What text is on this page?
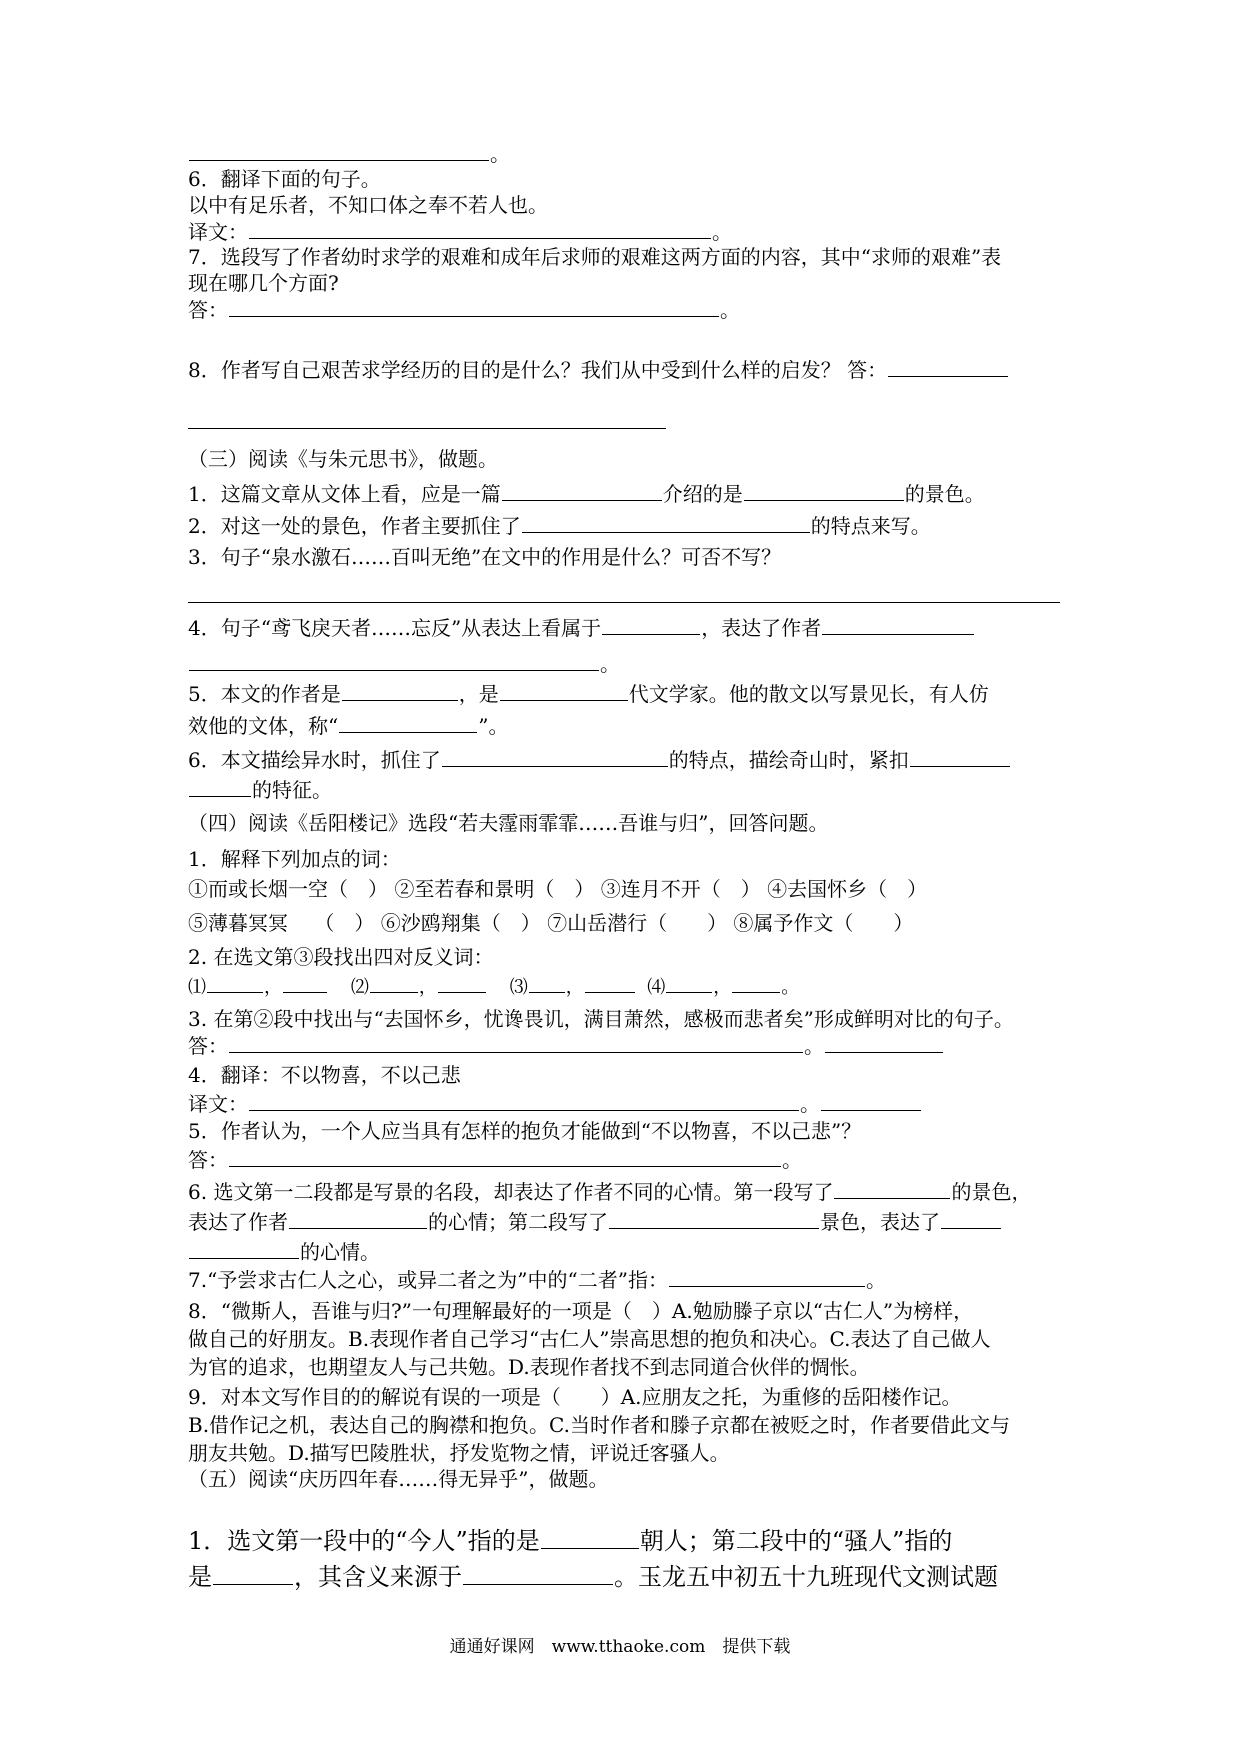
。
6．翻译下面的句子。
以中有足乐者，不知口体之奉不若人也。
译文：	。
7．选段写了作者幼时求学的艰难和成年后求师的艰难这两方面的内容，其中“求师的艰难”表
现在哪几个方面?
答：	。
8．作者写自己艰苦求学经历的目的是什么？我们从中受到什么样的启发？ 答：
（三）阅读《与朱元思书》，做题。
1．这篇文章从文体上看，应是一篇	介绍的是	的景色。
2．对这一处的景色，作者主要抓住了	的特点来写。
3．句子“泉水激石……百叫无绝”在文中的作用是什么？可否不写？
4．句子“鸢飞戾天者……忘反”从表达上看属于	，表达了作者
。
5．本文的作者是	，是	代文学家。他的散文以写景见长，有人仿
效他的文体，称“	”。
6．本文描绘异水时，抓住了	的特点，描绘奇山时，紧扣
的特征。
（四）阅读《岳阳楼记》选段“若夫霪雨霏霏……吾谁与归”，回答问题。
1．解释下列加点的词：
①而或长烟一空（　） ②至若春和景明（　） ③连月不开（　） ④去国怀乡（　）
⑤薄暮冥冥　 （　） ⑥沙鸥翔集（　） ⑦山岳潜行（　　） ⑧属予作文（　　）
2. 在选文第③段找出四对反义词：
⑴	，	⑵	，	⑶ ，	⑷	，	。
3. 在第②段中找出与“去国怀乡，忧谗畏讥，满目萧然，感极而悲者矣”形成鲜明对比的句子。
答：	。
4．翻译：不以物喜，不以己悲
译文：	。
5．作者认为，一个人应当具有怎样的抱负才能做到“不以物喜，不以己悲”？
答：	。
6. 选文第一二段都是写景的名段，却表达了作者不同的心情。第一段写了	的景色，
表达了作者	的心情；第二段写了	景色，表达了
的心情。
7.“予尝求古仁人之心，或异二者之为”中的“二者”指：	。
8．“微斯人，吾谁与归?”一句理解最好的一项是（　）A.勉励滕子京以“古仁人”为榜样，
做自己的好朋友。B.表现作者自己学习“古仁人”崇高思想的抱负和决心。C.表达了自己做人
为官的追求，也期望友人与己共勉。D.表现作者找不到志同道合伙伴的惆怅。
9．对本文写作目的的解说有误的一项是（　　）A.应朋友之托，为重修的岳阳楼作记。
B.借作记之机，表达自己的胸襟和抱负。C.当时作者和滕子京都在被贬之时，作者要借此文与
朋友共勉。D.描写巴陵胜状，抒发览物之情，评说迁客骚人。
（五）阅读“庆历四年春……得无异乎”，做题。
1．选文第一段中的“今人”指的是	朝人；第二段中的“骚人”指的
是	，其含义来源于	。玉龙五中初五十九班现代文测试题
通通好课网　www.tthaoke.com　提供下载
